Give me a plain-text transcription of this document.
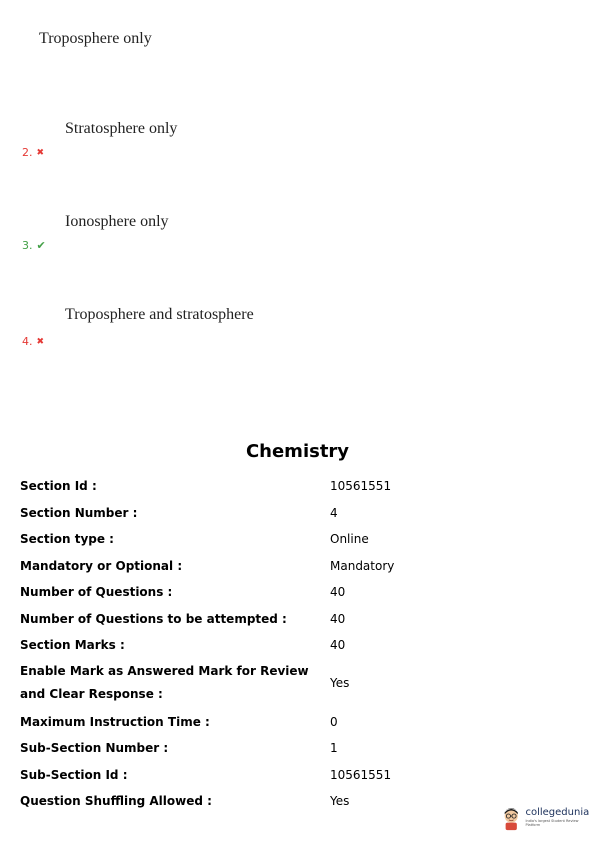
Troposphere only
Stratosphere only
2. ✖
Ionosphere only
3. ✔
Troposphere and stratosphere
4. ✖
Chemistry
Section Id :	10561551
Section Number :	4
Section type :	Online
Mandatory or Optional :	Mandatory
Number of Questions :	40
Number of Questions to be attempted :	40
Section Marks :	40
Enable Mark as Answered Mark for Review and Clear Response :
Yes
Maximum Instruction Time :	0
Sub-Section Number :	1
Sub-Section Id :	10561551
Question Shuffling Allowed :	Yes
collegedunia
India's largest Student Review Platform
